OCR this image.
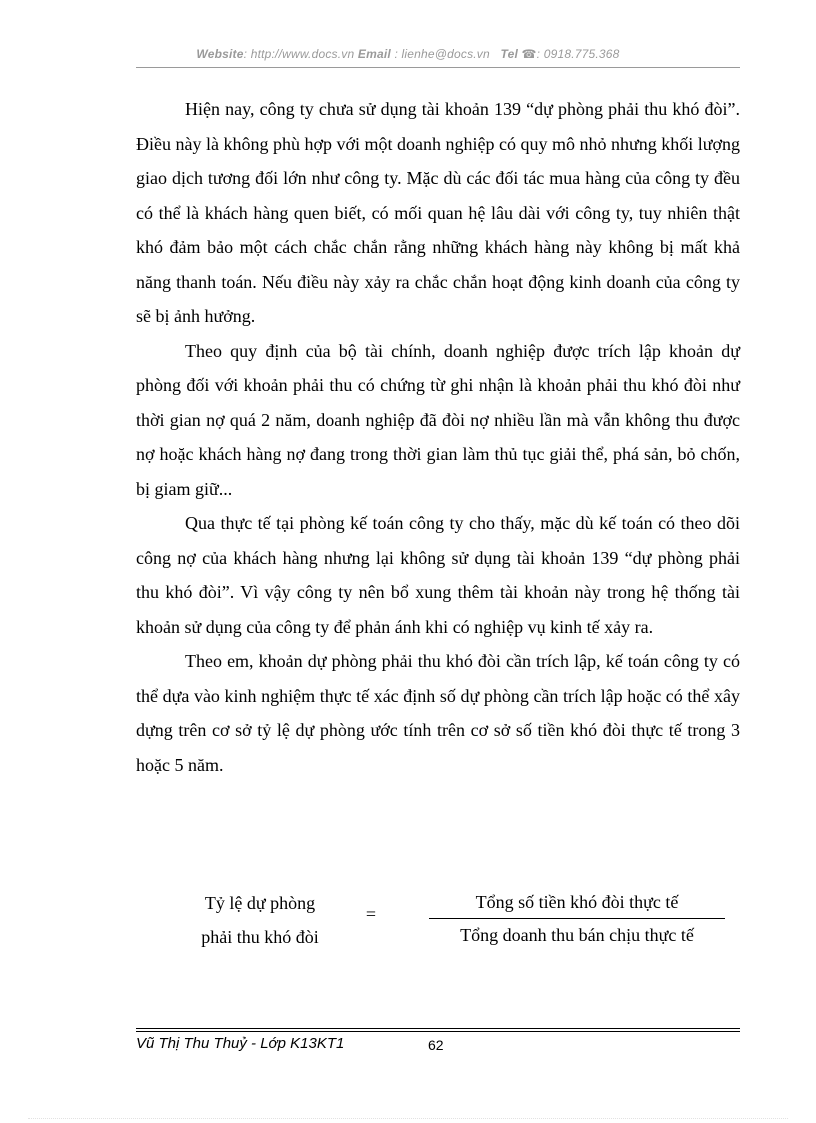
Website: http://www.docs.vn Email : lienhe@docs.vn Tel ☎: 0918.775.368

Hiện nay, công ty chưa sử dụng tài khoản 139 “dự phòng phải thu khó đòi”. Điều này là không phù hợp với một doanh nghiệp có quy mô nhỏ nhưng khối lượng giao dịch tương đối lớn như công ty. Mặc dù các đối tác mua hàng của công ty đều có thể là khách hàng quen biết, có mối quan hệ lâu dài với công ty, tuy nhiên thật khó đảm bảo một cách chắc chắn rằng những khách hàng này không bị mất khả năng thanh toán. Nếu điều này xảy ra chắc chắn hoạt động kinh doanh của công ty sẽ bị ảnh hưởng.

Theo quy định của bộ tài chính, doanh nghiệp được trích lập khoản dự phòng đối với khoản phải thu có chứng từ ghi nhận là khoản phải thu khó đòi như thời gian nợ quá 2 năm, doanh nghiệp đã đòi nợ nhiều lần mà vẫn không thu được nợ hoặc khách hàng nợ đang trong thời gian làm thủ tục giải thể, phá sản, bỏ chốn, bị giam giữ...

Qua thực tế tại phòng kế toán công ty cho thấy, mặc dù kế toán có theo dõi công nợ của khách hàng nhưng lại không sử dụng tài khoản 139 “dự phòng phải thu khó đòi”. Vì vậy công ty nên bổ xung thêm tài khoản này trong hệ thống tài khoản sử dụng của công ty để phản ánh khi có nghiệp vụ kinh tế xảy ra.

Theo em, khoản dự phòng phải thu khó đòi cần trích lập, kế toán công ty có thể dựa vào kinh nghiệm thực tế xác định số dự phòng cần trích lập hoặc có thể xây dựng trên cơ sở tỷ lệ dự phòng ước tính trên cơ sở số tiền khó đòi thực tế trong 3 hoặc 5 năm.

Tỷ lệ dự phòng
phải thu khó đòi
=
Tổng số tiền khó đòi thực tế
Tổng doanh thu bán chịu thực tế
Vũ Thị Thu Thuỷ - Lớp K13KT1	62
